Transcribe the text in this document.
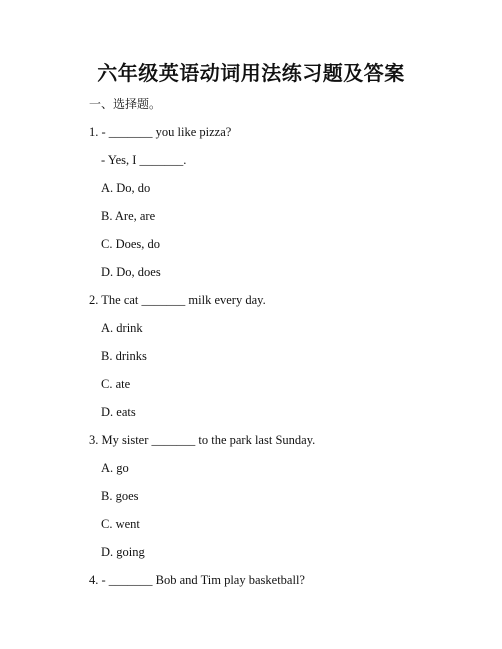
六年级英语动词用法练习题及答案

一、选择题。

1. - _______ you like pizza?

- Yes, I _______.

A. Do, do

B. Are, are

C. Does, do

D. Do, does

2. The cat _______ milk every day.

A. drink

B. drinks

C. ate

D. eats

3. My sister _______ to the park last Sunday.

A. go

B. goes

C. went

D. going

4. - _______ Bob and Tim play basketball?
